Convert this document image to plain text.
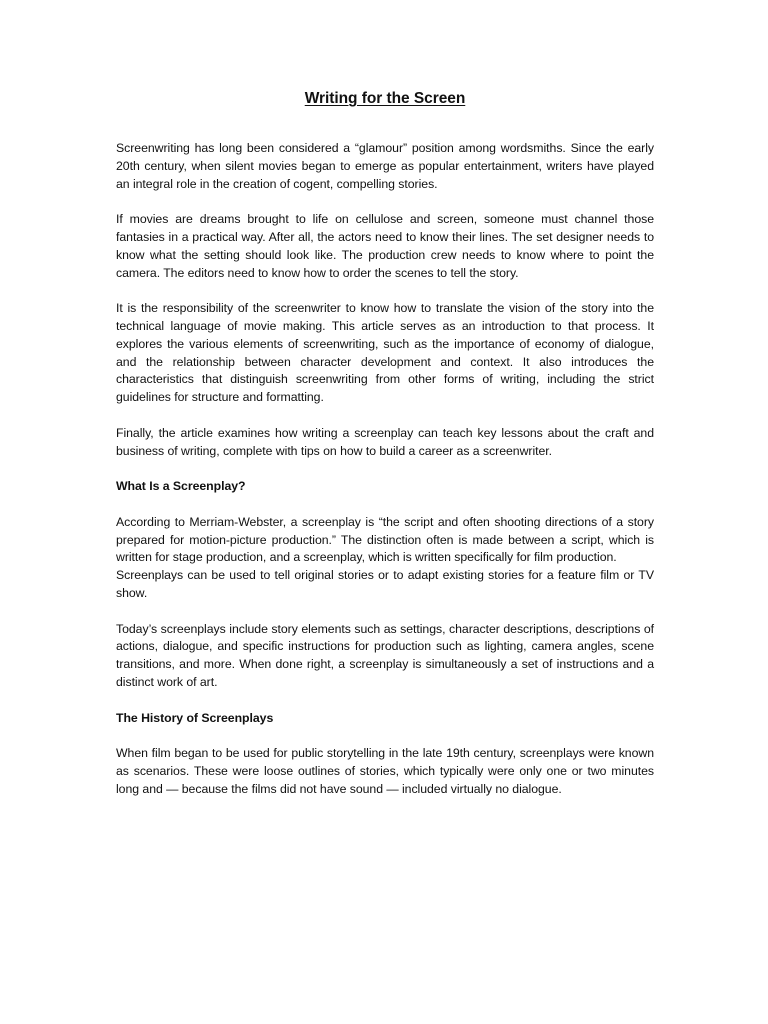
Writing for the Screen

Screenwriting has long been considered a “glamour” position among wordsmiths. Since the early 20th century, when silent movies began to emerge as popular entertainment, writers have played an integral role in the creation of cogent, compelling stories.

If movies are dreams brought to life on cellulose and screen, someone must channel those fantasies in a practical way. After all, the actors need to know their lines. The set designer needs to know what the setting should look like. The production crew needs to know where to point the camera. The editors need to know how to order the scenes to tell the story.

It is the responsibility of the screenwriter to know how to translate the vision of the story into the technical language of movie making. This article serves as an introduction to that process. It explores the various elements of screenwriting, such as the importance of economy of dialogue, and the relationship between character development and context. It also introduces the characteristics that distinguish screenwriting from other forms of writing, including the strict guidelines for structure and formatting.

Finally, the article examines how writing a screenplay can teach key lessons about the craft and business of writing, complete with tips on how to build a career as a screenwriter.

What Is a Screenplay?

According to Merriam-Webster, a screenplay is “the script and often shooting directions of a story prepared for motion-picture production.” The distinction often is made between a script, which is written for stage production, and a screenplay, which is written specifically for film production.

Screenplays can be used to tell original stories or to adapt existing stories for a feature film or TV show.

Today’s screenplays include story elements such as settings, character descriptions, descriptions of actions, dialogue, and specific instructions for production such as lighting, camera angles, scene transitions, and more. When done right, a screenplay is simultaneously a set of instructions and a distinct work of art.

The History of Screenplays

When film began to be used for public storytelling in the late 19th century, screenplays were known as scenarios. These were loose outlines of stories, which typically were only one or two minutes long and — because the films did not have sound — included virtually no dialogue.
